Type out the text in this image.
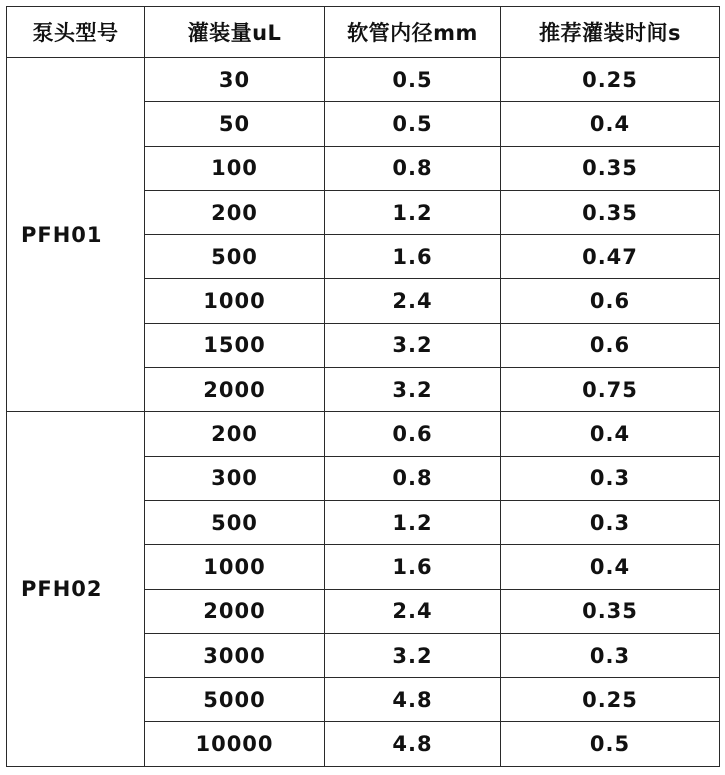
泵头型号	灌装量uL	软管内径mm	推荐灌装时间s
PFH01	30	0.5	0.25
	50	0.5	0.4
	100	0.8	0.35
	200	1.2	0.35
	500	1.6	0.47
	1000	2.4	0.6
	1500	3.2	0.6
	2000	3.2	0.75
PFH02	200	0.6	0.4
	300	0.8	0.3
	500	1.2	0.3
	1000	1.6	0.4
	2000	2.4	0.35
	3000	3.2	0.3
	5000	4.8	0.25
	10000	4.8	0.5
